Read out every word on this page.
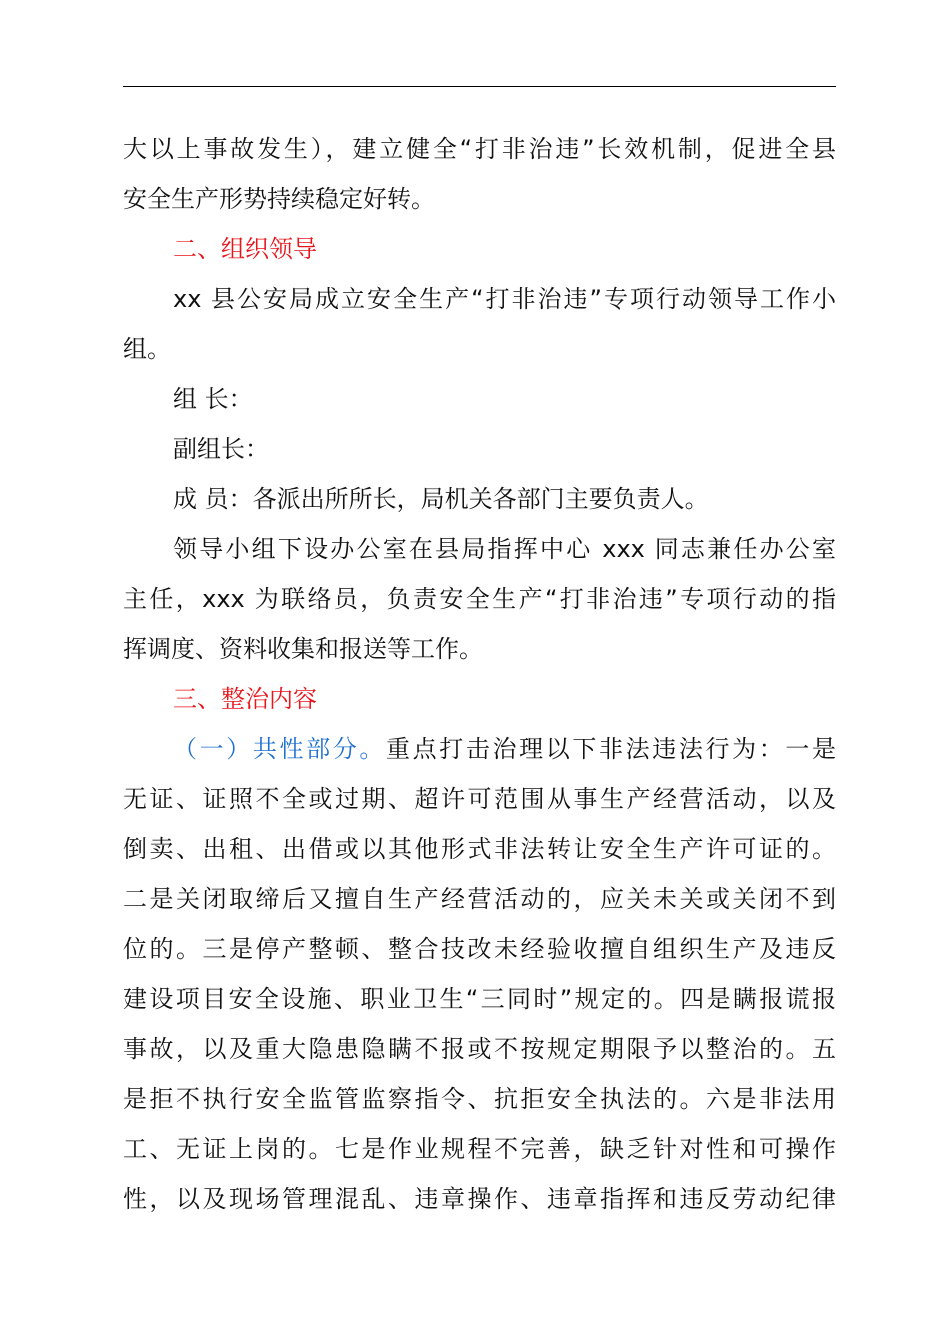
大以上事故发生），建立健全“打非治违”长效机制，促进全县
安全生产形势持续稳定好转。
二、组织领导
xx 县公安局成立安全生产“打非治违”专项行动领导工作小
组。
组 长：
副组长：
成 员：各派出所所长，局机关各部门主要负责人。
领导小组下设办公室在县局指挥中心 xxx 同志兼任办公室
主任，xxx 为联络员，负责安全生产“打非治违”专项行动的指
挥调度、资料收集和报送等工作。
三、整治内容
（一）共性部分。重点打击治理以下非法违法行为：一是
无证、证照不全或过期、超许可范围从事生产经营活动，以及
倒卖、出租、出借或以其他形式非法转让安全生产许可证的。
二是关闭取缔后又擅自生产经营活动的，应关未关或关闭不到
位的。三是停产整顿、整合技改未经验收擅自组织生产及违反
建设项目安全设施、职业卫生“三同时”规定的。四是瞒报谎报
事故，以及重大隐患隐瞒不报或不按规定期限予以整治的。五
是拒不执行安全监管监察指令、抗拒安全执法的。六是非法用
工、无证上岗的。七是作业规程不完善，缺乏针对性和可操作
性，以及现场管理混乱、违章操作、违章指挥和违反劳动纪律
